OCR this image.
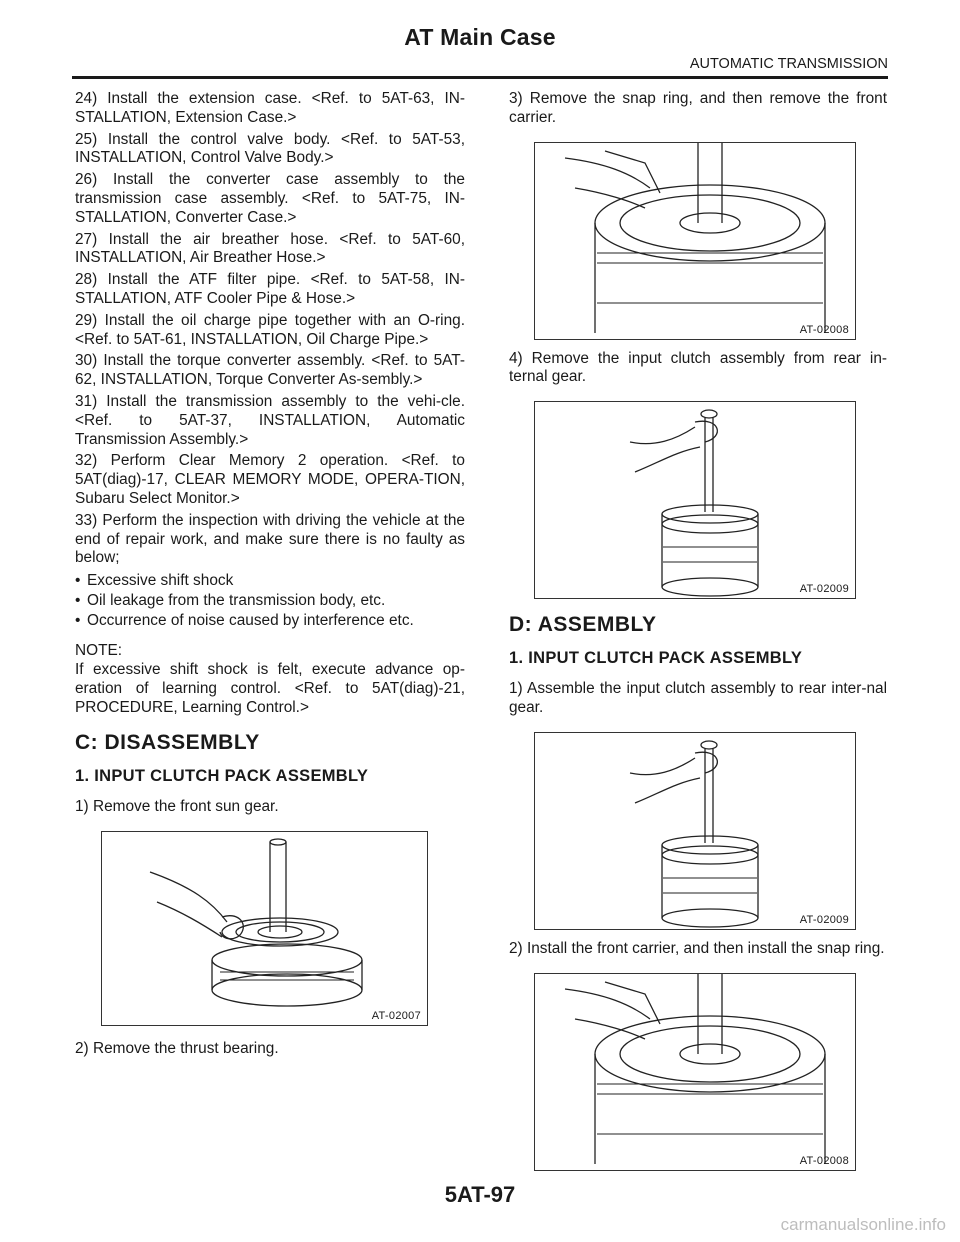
AT Main Case
AUTOMATIC TRANSMISSION

24) Install the extension case. <Ref. to 5AT-63, IN-STALLATION, Extension Case.>

25) Install the control valve body. <Ref. to 5AT-53, INSTALLATION, Control Valve Body.>

26) Install the converter case assembly to the transmission case assembly. <Ref. to 5AT-75, IN-STALLATION, Converter Case.>

27) Install the air breather hose. <Ref. to 5AT-60, INSTALLATION, Air Breather Hose.>

28) Install the ATF filter pipe. <Ref. to 5AT-58, IN-STALLATION, ATF Cooler Pipe & Hose.>

29) Install the oil charge pipe together with an O-ring. <Ref. to 5AT-61, INSTALLATION, Oil Charge Pipe.>

30) Install the torque converter assembly. <Ref. to 5AT-62, INSTALLATION, Torque Converter As-sembly.>

31) Install the transmission assembly to the vehi-cle. <Ref. to 5AT-37, INSTALLATION, Automatic Transmission Assembly.>

32) Perform Clear Memory 2 operation. <Ref. to 5AT(diag)-17, CLEAR MEMORY MODE, OPERA-TION, Subaru Select Monitor.>

33) Perform the inspection with driving the vehicle at the end of repair work, and make sure there is no faulty as below;

• Excessive shift shock
• Oil leakage from the transmission body, etc.
• Occurrence of noise caused by interference etc.

NOTE:

If excessive shift shock is felt, execute advance op-eration of learning control. <Ref. to 5AT(diag)-21, PROCEDURE, Learning Control.>

C: DISASSEMBLY
1. INPUT CLUTCH PACK ASSEMBLY

1) Remove the front sun gear.

AT-02007

2) Remove the thrust bearing.

3) Remove the snap ring, and then remove the front carrier.

AT-02008

4) Remove the input clutch assembly from rear in-ternal gear.

AT-02009
D: ASSEMBLY
1. INPUT CLUTCH PACK ASSEMBLY

1) Assemble the input clutch assembly to rear inter-nal gear.

AT-02009

2) Install the front carrier, and then install the snap ring.

AT-02008
5AT-97
carmanualsonline.info
